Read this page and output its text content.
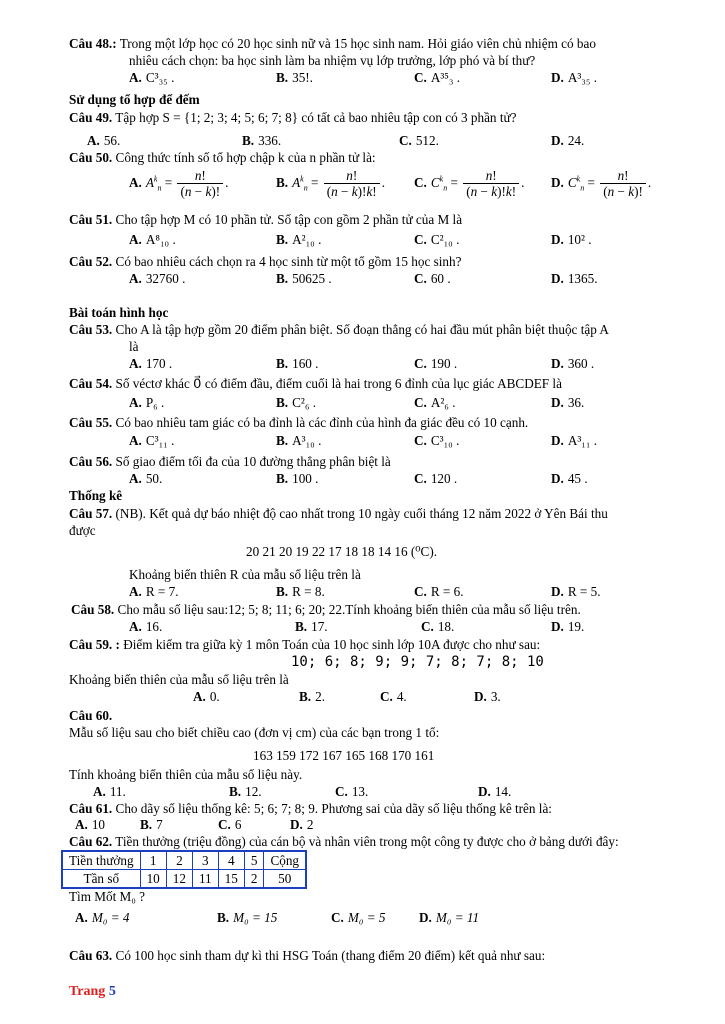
Câu 48.: Trong một lớp học có 20 học sinh nữ và 15 học sinh nam. Hỏi giáo viên chủ nhiệm có bao
nhiêu cách chọn: ba học sinh làm ba nhiệm vụ lớp trưởng, lớp phó và bí thư?
A. C³₃₅ .	B. 35!.	C. A³⁵₃ .	D. A³₃₅ .
Sử dụng tổ hợp để đếm
Câu 49. Tập hợp S = {1; 2; 3; 4; 5; 6; 7; 8} có tất cả bao nhiêu tập con có 3 phần tử?
A. 56.	B. 336.	C. 512.	D. 24.
Câu 50. Công thức tính số tổ hợp chập k của n phần tử là:
A. $A^k_n = \frac{n!}{(n - k)!}$ .	B. $A^k_n = \frac{n!}{(n - k)!k!}$ . C. $C^k_n = \frac{n!}{(n - k)!k!}$ . D. $C^k_n = \frac{n!}{(n - k)!}$ .
Câu 51. Cho tập hợp M có 10 phần tử. Số tập con gồm 2 phần tử của M là
A. A⁸₁₀ .	B. A²₁₀ .	C. C²₁₀ .	D. 10² .
Câu 52. Có bao nhiêu cách chọn ra 4 học sinh từ một tổ gồm 15 học sinh?
A. 32760 .	B. 50625 .	C. 60 .	D. 1365.
Bài toán hình học
Câu 53. Cho A là tập hợp gồm 20 điểm phân biệt. Số đoạn thẳng có hai đầu mút phân biệt thuộc tập A
là
A. 170 .	B. 160 .	C. 190 .	D. 360 .
Câu 54. Số véctơ khác 0⃗ có điểm đầu, điểm cuối là hai trong 6 đỉnh của lục giác ABCDEF là
A. P₆ .	B. C²₆ .	C. A²₆ .	D. 36.
Câu 55. Có bao nhiêu tam giác có ba đỉnh là các đỉnh của hình đa giác đều có 10 cạnh.
A. C³₁₁ .	B. A³₁₀ .	C. C³₁₀ .	D. A³₁₁ .
Câu 56. Số giao điểm tối đa của 10 đường thẳng phân biệt là
A. 50.	B. 100 .	C. 120 .	D. 45 .
Thống kê
Câu 57. (NB). Kết quả dự báo nhiệt độ cao nhất trong 10 ngày cuối tháng 12 năm 2022 ở Yên Bái thu
được
20 21 20 19 22 17 18 18 14 16 (⁰C).
Khoảng biến thiên R của mẫu số liệu trên là
A. R = 7.	B. R = 8.	C. R = 6.	D. R = 5.
Câu 58. Cho mẫu số liệu sau:12; 5; 8; 11; 6; 20; 22.Tính khoảng biến thiên của mẫu số liệu trên.
A. 16.	B. 17.	C. 18.	D. 19.
Câu 59. : Điểm kiểm tra giữa kỳ 1 môn Toán của 10 học sinh lớp 10A được cho như sau:
10; 6; 8; 9; 9; 7; 8; 7; 8; 10
Khoảng biến thiên của mẫu số liệu trên là
A. 0.	B. 2.	C. 4.	D. 3.
Câu 60.
Mẫu số liệu sau cho biết chiều cao (đơn vị cm) của các bạn trong 1 tổ:
163 159 172 167 165 168 170 161
Tính khoảng biến thiên của mẫu số liệu này.
A. 11.	B. 12.	C. 13.	D. 14.
Câu 61. Cho dãy số liệu thống kê: 5; 6; 7; 8; 9. Phương sai của dãy số liệu thống kê trên là:
A. 10	B. 7	C. 6	D. 2
Câu 62. Tiền thưởng (triệu đồng) của cán bộ và nhân viên trong một công ty được cho ở bảng dưới đây:
Tiền thưởng	1	2	3	4	5	Cộng
Tần số	10	12	11	15	2	50
Tìm Mốt M₀ ?
A. M₀ = 4	B. M₀ = 15	C. M₀ = 5	D. M₀ = 11
Câu 63. Có 100 học sinh tham dự kì thi HSG Toán (thang điểm 20 điểm) kết quả như sau:
Trang 5
